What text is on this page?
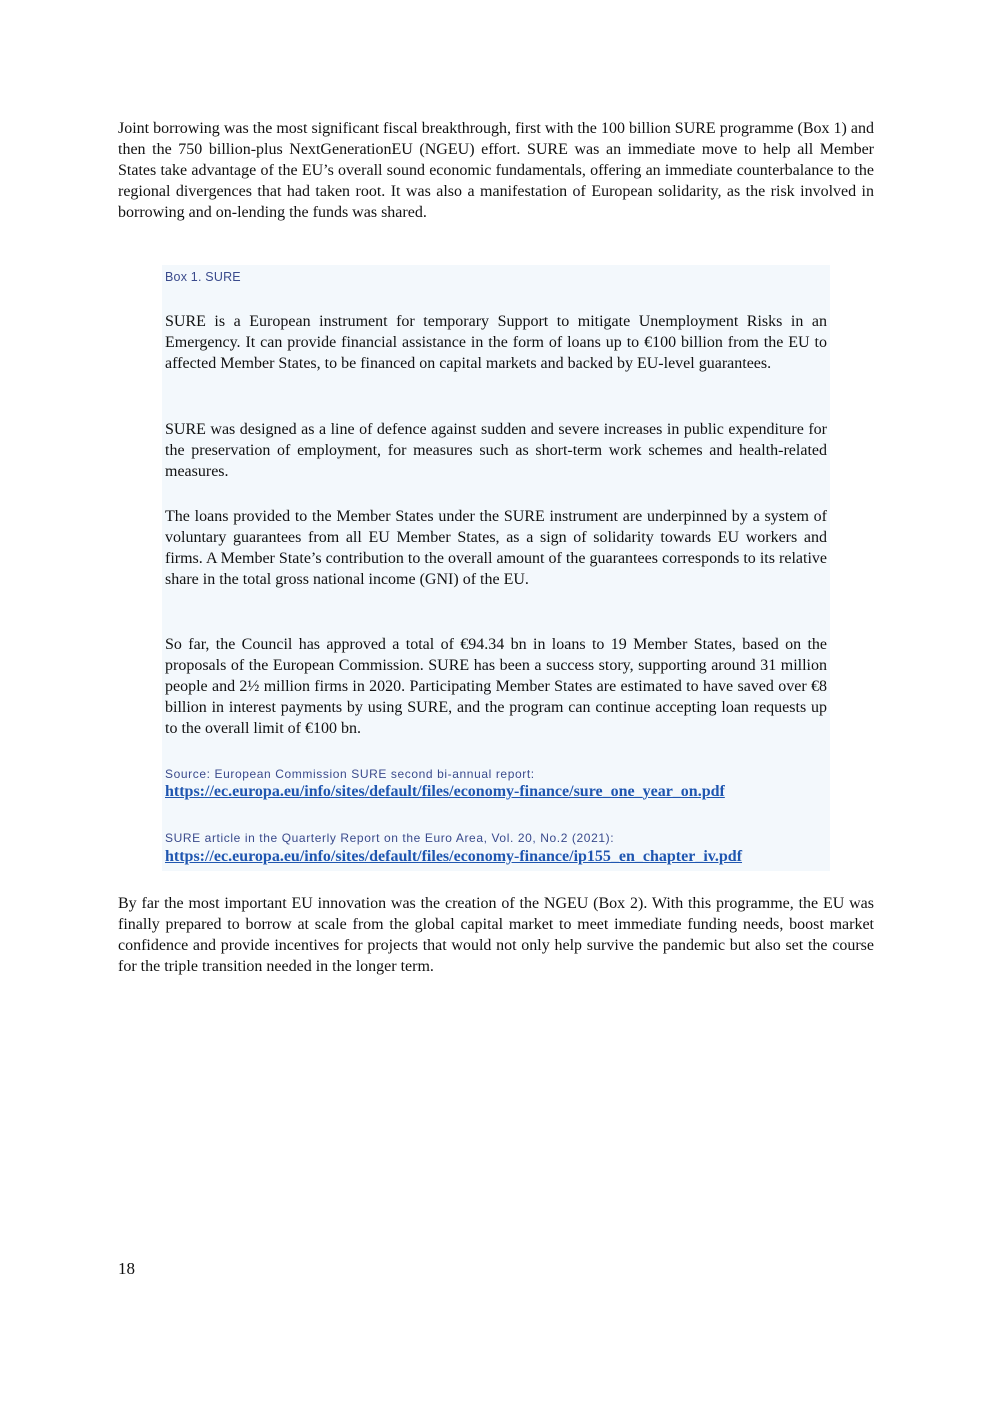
Joint borrowing was the most significant fiscal breakthrough, first with the 100 billion SURE programme (Box 1) and then the 750 billion-plus NextGenerationEU (NGEU) effort. SURE was an immediate move to help all Member States take advantage of the EU’s overall sound economic fundamentals, offering an immediate counterbalance to the regional divergences that had taken root. It was also a manifestation of European solidarity, as the risk involved in borrowing and on-lending the funds was shared.

Box 1. SURE

SURE is a European instrument for temporary Support to mitigate Unemployment Risks in an Emergency. It can provide financial assistance in the form of loans up to €100 billion from the EU to affected Member States, to be financed on capital markets and backed by EU-level guarantees.

SURE was designed as a line of defence against sudden and severe increases in public expenditure for the preservation of employment, for measures such as short-term work schemes and health-related measures.

The loans provided to the Member States under the SURE instrument are underpinned by a system of voluntary guarantees from all EU Member States, as a sign of solidarity towards EU workers and firms. A Member State’s contribution to the overall amount of the guarantees corresponds to its relative share in the total gross national income (GNI) of the EU.

So far, the Council has approved a total of €94.34 bn in loans to 19 Member States, based on the proposals of the European Commission. SURE has been a success story, supporting around 31 million people and 2½ million firms in 2020. Participating Member States are estimated to have saved over €8 billion in interest payments by using SURE, and the program can continue accepting loan requests up to the overall limit of €100 bn.

Source: European Commission SURE second bi-annual report:
https://ec.europa.eu/info/sites/default/files/economy-finance/sure_one_year_on.pdf
SURE article in the Quarterly Report on the Euro Area, Vol. 20, No.2 (2021):
https://ec.europa.eu/info/sites/default/files/economy-finance/ip155_en_chapter_iv.pdf

By far the most important EU innovation was the creation of the NGEU (Box 2). With this programme, the EU was finally prepared to borrow at scale from the global capital market to meet immediate funding needs, boost market confidence and provide incentives for projects that would not only help survive the pandemic but also set the course for the triple transition needed in the longer term.

18
